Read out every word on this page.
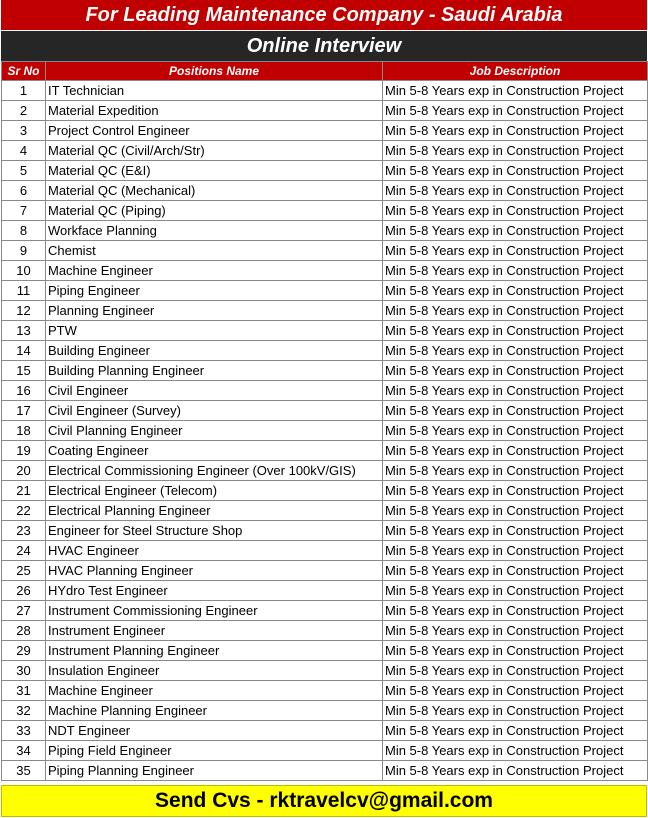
For Leading Maintenance Company - Saudi Arabia
Online Interview
Sr No	Positions Name	Job Description
1	IT Technician	Min 5-8 Years exp in Construction Project
2	Material Expedition	Min 5-8 Years exp in Construction Project
3	Project Control Engineer	Min 5-8 Years exp in Construction Project
4	Material QC (Civil/Arch/Str)	Min 5-8 Years exp in Construction Project
5	Material QC (E&I)	Min 5-8 Years exp in Construction Project
6	Material QC (Mechanical)	Min 5-8 Years exp in Construction Project
7	Material QC (Piping)	Min 5-8 Years exp in Construction Project
8	Workface Planning	Min 5-8 Years exp in Construction Project
9	Chemist	Min 5-8 Years exp in Construction Project
10	Machine Engineer	Min 5-8 Years exp in Construction Project
11	Piping Engineer	Min 5-8 Years exp in Construction Project
12	Planning Engineer	Min 5-8 Years exp in Construction Project
13	PTW	Min 5-8 Years exp in Construction Project
14	Building Engineer	Min 5-8 Years exp in Construction Project
15	Building Planning Engineer	Min 5-8 Years exp in Construction Project
16	Civil Engineer	Min 5-8 Years exp in Construction Project
17	Civil Engineer (Survey)	Min 5-8 Years exp in Construction Project
18	Civil Planning Engineer	Min 5-8 Years exp in Construction Project
19	Coating Engineer	Min 5-8 Years exp in Construction Project
20	Electrical Commissioning Engineer (Over 100kV/GIS)	Min 5-8 Years exp in Construction Project
21	Electrical Engineer (Telecom)	Min 5-8 Years exp in Construction Project
22	Electrical Planning Engineer	Min 5-8 Years exp in Construction Project
23	Engineer for Steel Structure Shop	Min 5-8 Years exp in Construction Project
24	HVAC Engineer	Min 5-8 Years exp in Construction Project
25	HVAC Planning Engineer	Min 5-8 Years exp in Construction Project
26	HYdro Test Engineer	Min 5-8 Years exp in Construction Project
27	Instrument Commissioning Engineer	Min 5-8 Years exp in Construction Project
28	Instrument Engineer	Min 5-8 Years exp in Construction Project
29	Instrument Planning Engineer	Min 5-8 Years exp in Construction Project
30	Insulation Engineer	Min 5-8 Years exp in Construction Project
31	Machine Engineer	Min 5-8 Years exp in Construction Project
32	Machine Planning Engineer	Min 5-8 Years exp in Construction Project
33	NDT Engineer	Min 5-8 Years exp in Construction Project
34	Piping Field Engineer	Min 5-8 Years exp in Construction Project
35	Piping Planning Engineer	Min 5-8 Years exp in Construction Project
Send Cvs - rktravelcv@gmail.com
